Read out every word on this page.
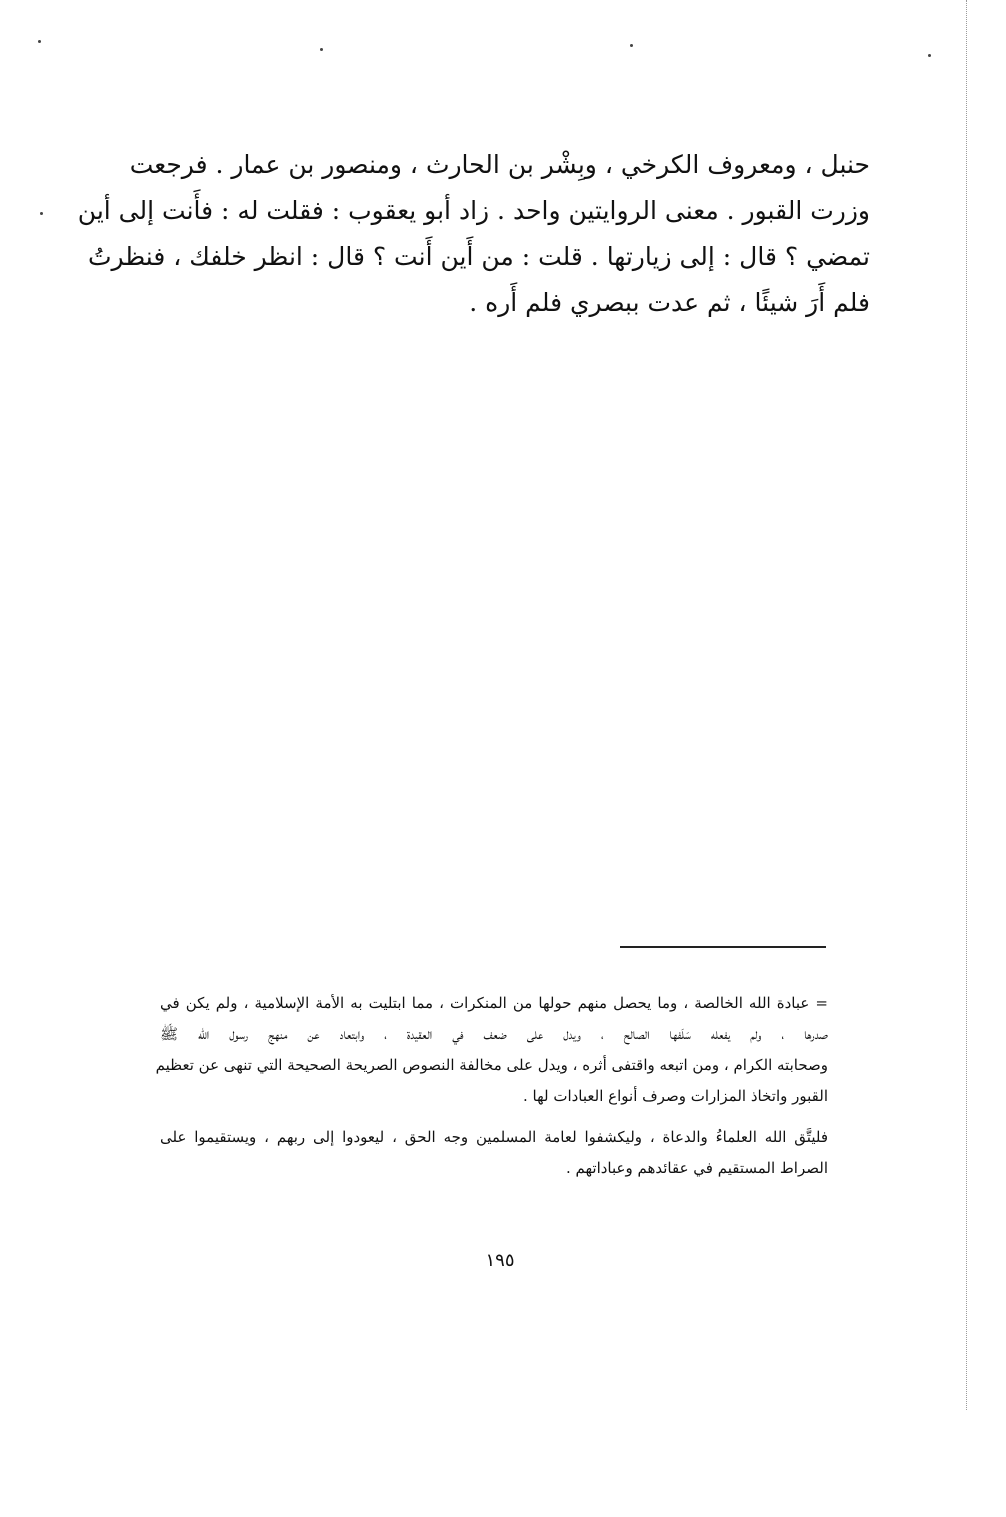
حنبل ، ومعروف الكرخي ، وبِشْر بن الحارث ، ومنصور بن عمار . فرجعت
وزرت القبور . معنى الروايتين واحد . زاد أبو يعقوب : فقلت له : فأَنت إلى أين
تمضي ؟ قال : إلى زيارتها . قلت : من أَين أَنت ؟ قال : انظر خلفك ، فنظرتُ
فلم أَرَ شيئًا ، ثم عدت ببصري فلم أَره .
= عبادة الله الخالصة ، وما يحصل منهم حولها من المنكرات ، مما ابتليت به الأمة الإسلامية ، ولم يكن في
صدرها ، ولم يفعله سَلَفها الصالح ، ويدل على ضعف في العقيدة ، وابتعاد عن منهج رسول الله ﷺ
وصحابته الكرام ، ومن اتبعه واقتفى أثره ، ويدل على مخالفة النصوص الصريحة الصحيحة التي تنهى عن تعظيم
القبور واتخاذ المزارات وصرف أنواع العبادات لها .
فليتَّق الله العلماءُ والدعاة ، وليكشفوا لعامة المسلمين وجه الحق ، ليعودوا إلى ربهم ، ويستقيموا على
الصراط المستقيم في عقائدهم وعباداتهم .
١٩٥
